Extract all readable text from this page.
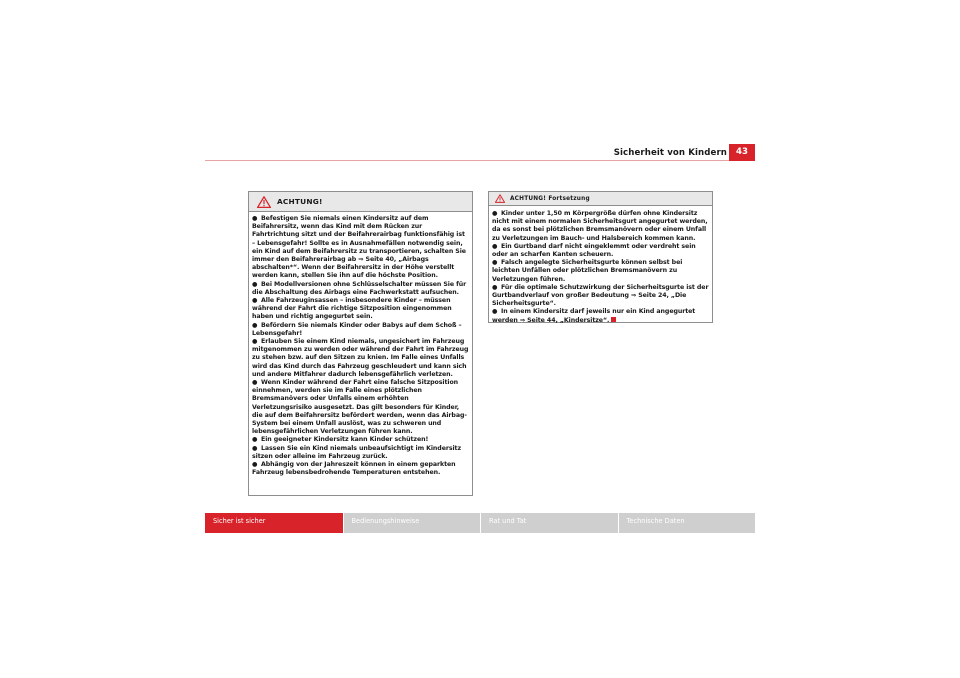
Sicherheit von Kindern	43
ACHTUNG!

● Befestigen Sie niemals einen Kindersitz auf dem Beifahrersitz, wenn das Kind mit dem Rücken zur Fahrtrichtung sitzt und der Beifahrerairbag funktionsfähig ist – Lebensgefahr! Sollte es in Ausnahmefällen notwendig sein, ein Kind auf dem Beifahrersitz zu transportieren, schalten Sie immer den Beifahrerairbag ab ⇒ Seite 40, „Airbags abschalten*“. Wenn der Beifahrersitz in der Höhe verstellt werden kann, stellen Sie ihn auf die höchste Position.

● Bei Modellversionen ohne Schlüsselschalter müssen Sie für die Abschaltung des Airbags eine Fachwerkstatt aufsuchen.

● Alle Fahrzeuginsassen – insbesondere Kinder – müssen während der Fahrt die richtige Sitzposition eingenommen haben und richtig angegurtet sein.

● Befördern Sie niemals Kinder oder Babys auf dem Schoß – Lebensgefahr!

● Erlauben Sie einem Kind niemals, ungesichert im Fahrzeug mitgenommen zu werden oder während der Fahrt im Fahrzeug zu stehen bzw. auf den Sitzen zu knien. Im Falle eines Unfalls wird das Kind durch das Fahrzeug geschleudert und kann sich und andere Mitfahrer dadurch lebensgefährlich verletzen.

● Wenn Kinder während der Fahrt eine falsche Sitzposition einnehmen, werden sie im Falle eines plötzlichen Bremsmanövers oder Unfalls einem erhöhten Verletzungsrisiko ausgesetzt. Das gilt besonders für Kinder, die auf dem Beifahrersitz befördert werden, wenn das Airbag-System bei einem Unfall auslöst, was zu schweren und lebensgefährlichen Verletzungen führen kann.

● Ein geeigneter Kindersitz kann Kinder schützen!

● Lassen Sie ein Kind niemals unbeaufsichtigt im Kindersitz sitzen oder alleine im Fahrzeug zurück.

● Abhängig von der Jahreszeit können in einem geparkten Fahrzeug lebensbedrohende Temperaturen entstehen.

ACHTUNG! Fortsetzung

● Kinder unter 1,50 m Körpergröße dürfen ohne Kindersitz nicht mit einem normalen Sicherheitsgurt angegurtet werden, da es sonst bei plötzlichen Bremsmanövern oder einem Unfall zu Verletzungen im Bauch- und Halsbereich kommen kann.

● Ein Gurtband darf nicht eingeklemmt oder verdreht sein oder an scharfen Kanten scheuern.

● Falsch angelegte Sicherheitsgurte können selbst bei leichten Unfällen oder plötzlichen Bremsmanövern zu Verletzungen führen.

● Für die optimale Schutzwirkung der Sicherheitsgurte ist der Gurtbandverlauf von großer Bedeutung ⇒ Seite 24, „Die Sicherheitsgurte“.

● In einem Kindersitz darf jeweils nur ein Kind angegurtet werden ⇒ Seite 44, „Kindersitze“.

Sicher ist sicher	Bedienungshinweise	Rat und Tat	Technische Daten
